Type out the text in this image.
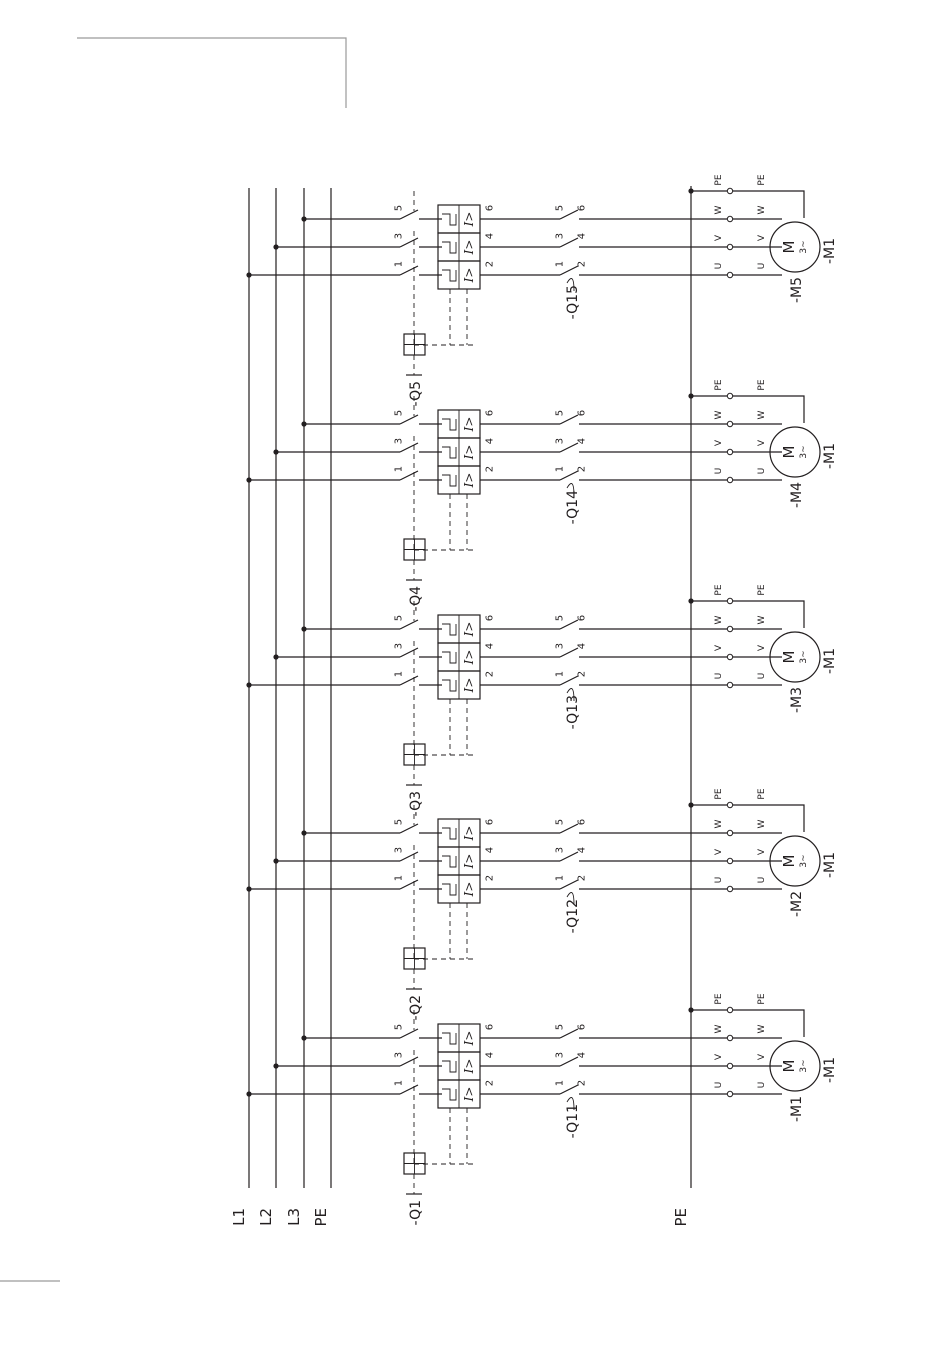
L1 L2 L3 PE	PE
1
I>
2	1 2	U	U
3
I>
4	3 4	V	V
5
I>
6	5 6	W	W
PE	PE
M 3~
-Q1
-Q11	-M1
-M1
1
I>
2	1 2	U	U
3
I>
4	3 4	V	V
5
I>
6	5 6	W	W
PE	PE
M 3~
-Q2
-Q12	-M2
-M1
1
I>
2	1 2	U	U
3
I>
4	3 4	V	V
5
I>
6	5 6	W	W
PE	PE
M 3~
-Q3
-Q13	-M3
-M1
1
I>
2	1 2	U	U
3
I>
4	3 4	V	V
5
I>
6	5 6	W	W
PE	PE
M 3~
-Q4
-Q14	-M4
-M1
1
I>
2	1 2	U	U
3
I>
4	3 4	V	V
5
I>
6	5 6	W	W
PE	PE
M 3~
-Q5
-Q15	-M5
-M1
